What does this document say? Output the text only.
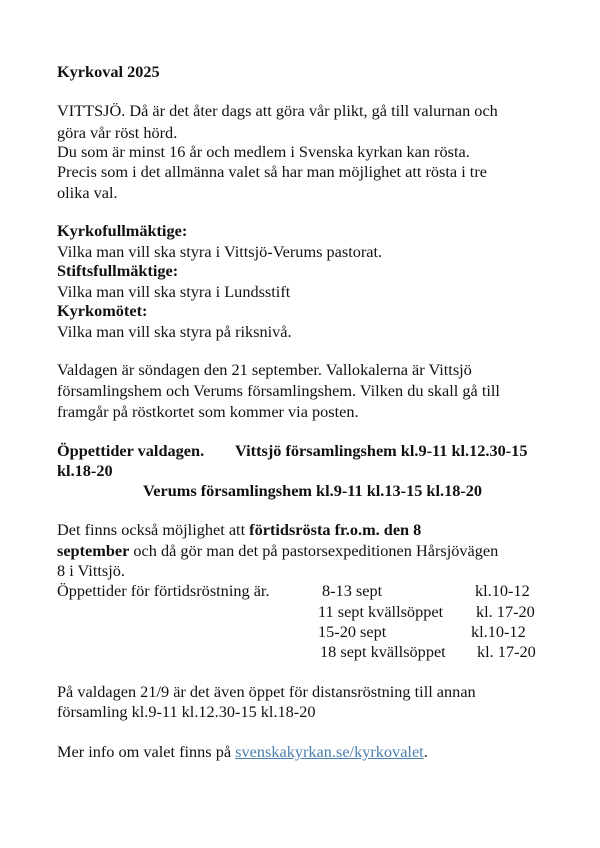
Kyrkoval 2025
VITTSJÖ. Då är det åter dags att göra vår plikt, gå till valurnan och
göra vår röst hörd.
Du som är minst 16 år och medlem i Svenska kyrkan kan rösta.
Precis som i det allmänna valet så har man möjlighet att rösta i tre
olika val.
Kyrkofullmäktige:
Vilka man vill ska styra i Vittsjö-Verums pastorat.
Stiftsfullmäktige:
Vilka man vill ska styra i Lundsstift
Kyrkomötet:
Vilka man vill ska styra på riksnivå.
Valdagen är söndagen den 21 september. Vallokalerna är Vittsjö
församlingshem och Verums församlingshem. Vilken du skall gå till
framgår på röstkortet som kommer via posten.
Öppettider valdagen. Vittsjö församlingshem kl.9-11 kl.12.30-15
kl.18-20
Verums församlingshem kl.9-11 kl.13-15 kl.18-20
Det finns också möjlighet att förtidsrösta fr.o.m. den 8
september och då gör man det på pastorsexpeditionen Hårsjövägen
8 i Vittsjö.
Öppettider för förtidsröstning är.	8-13 sept	kl.10-12
11 sept kvällsöppet kl. 17-20
15-20 sept	kl.10-12
18 sept kvällsöppet kl. 17-20
På valdagen 21/9 är det även öppet för distansröstning till annan
församling kl.9-11 kl.12.30-15 kl.18-20
Mer info om valet finns på svenskakyrkan.se/kyrkovalet.
